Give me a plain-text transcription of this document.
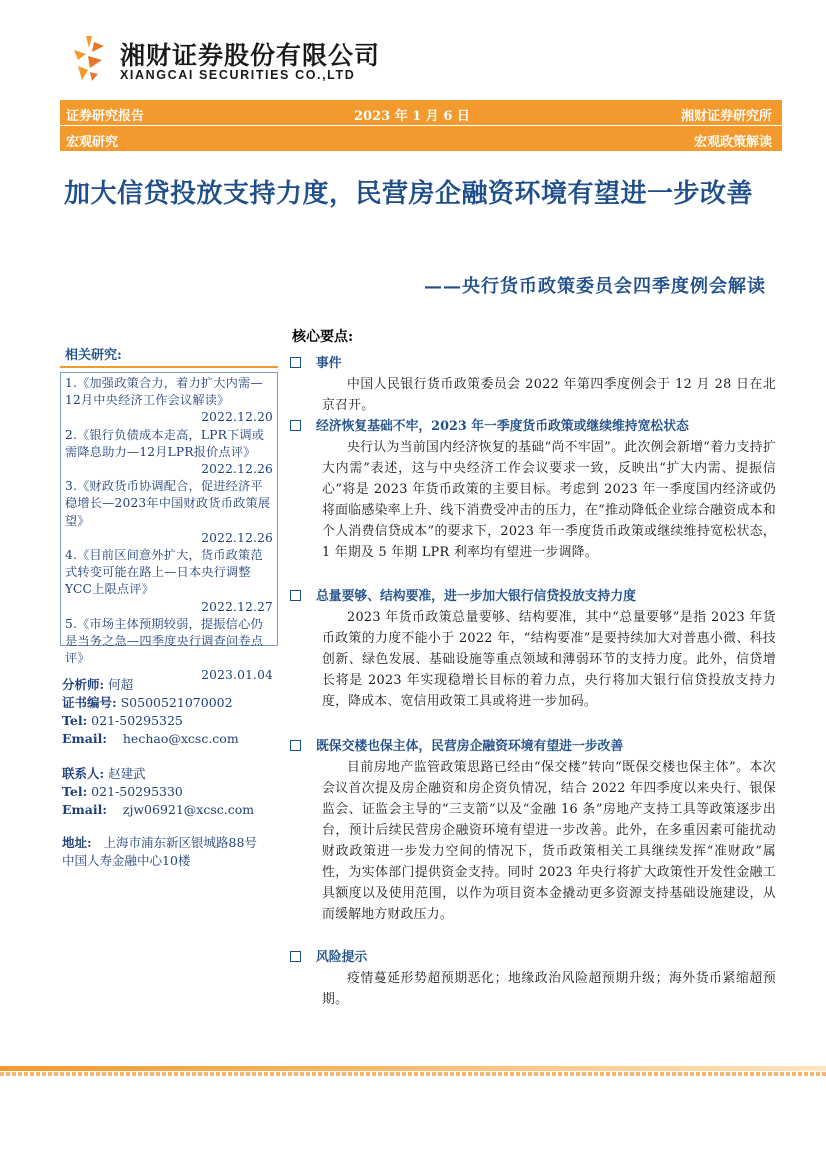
湘财证券股份有限公司
XIANGCAI SECURITIES CO.,LTD
证券研究报告	2023 年 1 月 6 日	湘财证券研究所
宏观研究	宏观政策解读
加大信贷投放支持力度，民营房企融资环境有望进一步改善
——央行货币政策委员会四季度例会解读
相关研究:
1.《加强政策合力，着力扩大内需—12月中央经济工作会议解读》
2022.12.20
2.《银行负债成本走高，LPR下调或需降息助力—12月LPR报价点评》
2022.12.26
3.《财政货币协调配合，促进经济平稳增长—2023年中国财政货币政策展望》
2022.12.26
4.《目前区间意外扩大，货币政策范式转变可能在路上—日本央行调整YCC上限点评》
2022.12.27
5.《市场主体预期较弱，提振信心仍是当务之急—四季度央行调查问卷点评》
2023.01.04
分析师: 何超
证书编号: S0500521070002
Tel: 021-50295325
Email: hechao@xcsc.com
联系人: 赵建武
Tel: 021-50295330
Email: zjw06921@xcsc.com
地址: 上海市浦东新区银城路88号
中国人寿金融中心10楼
核心要点:
事件
中国人民银行货币政策委员会 2022 年第四季度例会于 12 月 28 日在北京召开。
经济恢复基础不牢，2023 年一季度货币政策或继续维持宽松状态
央行认为当前国内经济恢复的基础“尚不牢固”。此次例会新增“着力支持扩大内需”表述，这与中央经济工作会议要求一致，反映出“扩大内需、提振信心”将是 2023 年货币政策的主要目标。考虑到 2023 年一季度国内经济或仍将面临感染率上升、线下消费受冲击的压力，在“推动降低企业综合融资成本和个人消费信贷成本”的要求下，2023 年一季度货币政策或继续维持宽松状态，1 年期及 5 年期 LPR 利率均有望进一步调降。
总量要够、结构要准，进一步加大银行信贷投放支持力度
2023 年货币政策总量要够、结构要准，其中“总量要够”是指 2023 年货币政策的力度不能小于 2022 年，“结构要准”是要持续加大对普惠小微、科技创新、绿色发展、基础设施等重点领域和薄弱环节的支持力度。此外，信贷增长将是 2023 年实现稳增长目标的着力点，央行将加大银行信贷投放支持力度，降成本、宽信用政策工具或将进一步加码。
既保交楼也保主体，民营房企融资环境有望进一步改善
目前房地产监管政策思路已经由“保交楼”转向“既保交楼也保主体”。本次会议首次提及房企融资和房企资负情况，结合 2022 年四季度以来央行、银保监会、证监会主导的“三支箭”以及“金融 16 条”房地产支持工具等政策逐步出台，预计后续民营房企融资环境有望进一步改善。此外，在多重因素可能扰动财政政策进一步发力空间的情况下，货币政策相关工具继续发挥“准财政”属性，为实体部门提供资金支持。同时 2023 年央行将扩大政策性开发性金融工具额度以及使用范围，以作为项目资本金撬动更多资源支持基础设施建设，从而缓解地方财政压力。
风险提示
疫情蔓延形势超预期恶化；地缘政治风险超预期升级；海外货币紧缩超预期。
